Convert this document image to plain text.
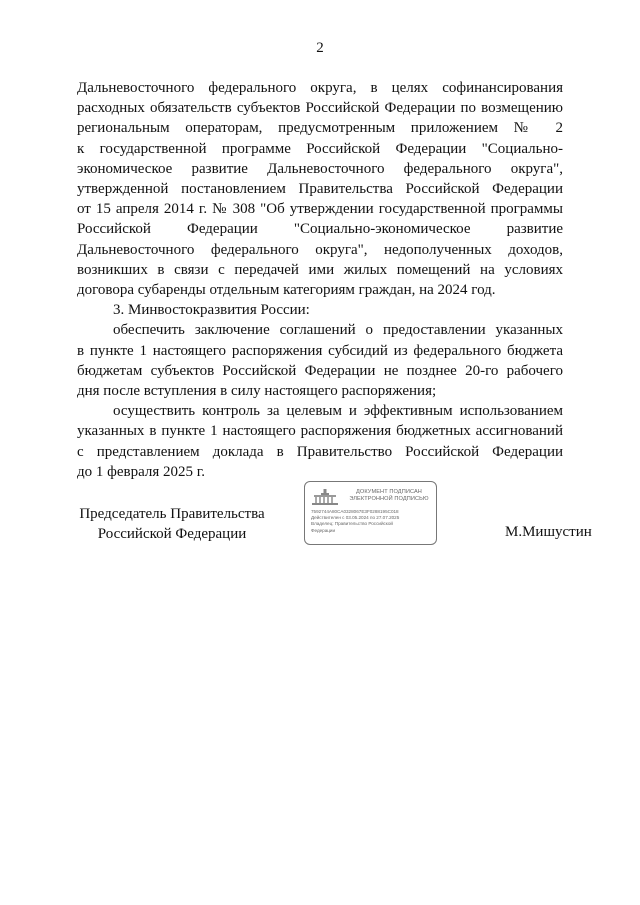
2
Дальневосточного федерального округа, в целях софинансирования
расходных обязательств субъектов Российской Федерации по возмещению
региональным операторам, предусмотренным приложением № 2
к государственной программе Российской Федерации "Социально-
экономическое развитие Дальневосточного федерального округа",
утвержденной постановлением Правительства Российской Федерации
от 15 апреля 2014 г. № 308 "Об утверждении государственной программы
Российской Федерации "Социально-экономическое развитие
Дальневосточного федерального округа", недополученных доходов,
возникших в связи с передачей ими жилых помещений на условиях
договора субаренды отдельным категориям граждан, на 2024 год.
3. Минвостокразвития России:
обеспечить заключение соглашений о предоставлении указанных
в пункте 1 настоящего распоряжения субсидий из федерального бюджета
бюджетам субъектов Российской Федерации не позднее 20-го рабочего
дня после вступления в силу настоящего распоряжения;
осуществить контроль за целевым и эффективным использованием
указанных в пункте 1 настоящего распоряжения бюджетных ассигнований
с представлением доклада в Правительство Российской Федерации
до 1 февраля 2025 г.
Председатель Правительства
Российской Федерации
ДОКУМЕНТ ПОДПИСАН
ЭЛЕКТРОННОЙ ПОДПИСЬЮ
7592744A80CA0328067E3F0288195C018
Действителен с 03.05.2024 по 27.07.2025
Владелец: Правительство Российской
Федерации	М.Мишустин
